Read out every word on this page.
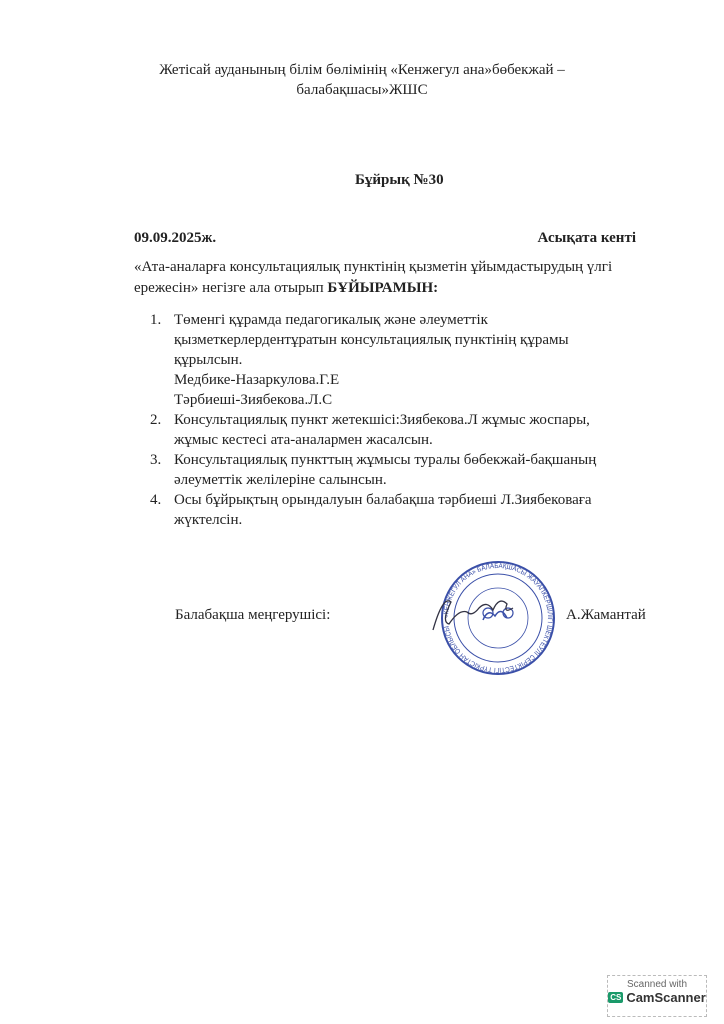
Жетісай ауданының білім бөлімінің «Кенжегул ана»бөбекжай –
балабақшасы»ЖШС
Бұйрық №30
09.09.2025ж.	Асықата кенті
«Ата-аналарға консультациялық пунктінің қызметін ұйымдастырудың үлгі
ережесін» негізге ала отырып БҰЙЫРАМЫН:
1. Төменгі құрамда педагогикалық және әлеуметтік
қызметкерлердентұратын консультациялық пунктінің құрамы
құрылсын.
Медбике-Назаркулова.Г.Е
Тәрбиеші-Зиябекова.Л.С
2. Консультациялық пункт жетекшісі:Зиябекова.Л жұмыс жоспары,
жұмыс кестесі ата-аналармен жасалсын.
3. Консультациялық пункттың жұмысы туралы бөбекжай-бақшаның
әлеуметтік желілеріне салынсын.
4. Осы бұйрықтың орындалуын балабақша тәрбиеші Л.Зиябековаға
жүктелсін.
Балабақша меңгерушісі:	«КЕНЖЕГУЛ АНА» БАЛАБАҚШАСЫ ЖАУАПКЕРШІЛІГІ ШЕКТЕУЛІ СЕРІКТЕСТІГІ ТҮРКІСТАН ОБЛЫСЫ
А.Жамантай
Scanned with
CS CamScanner
